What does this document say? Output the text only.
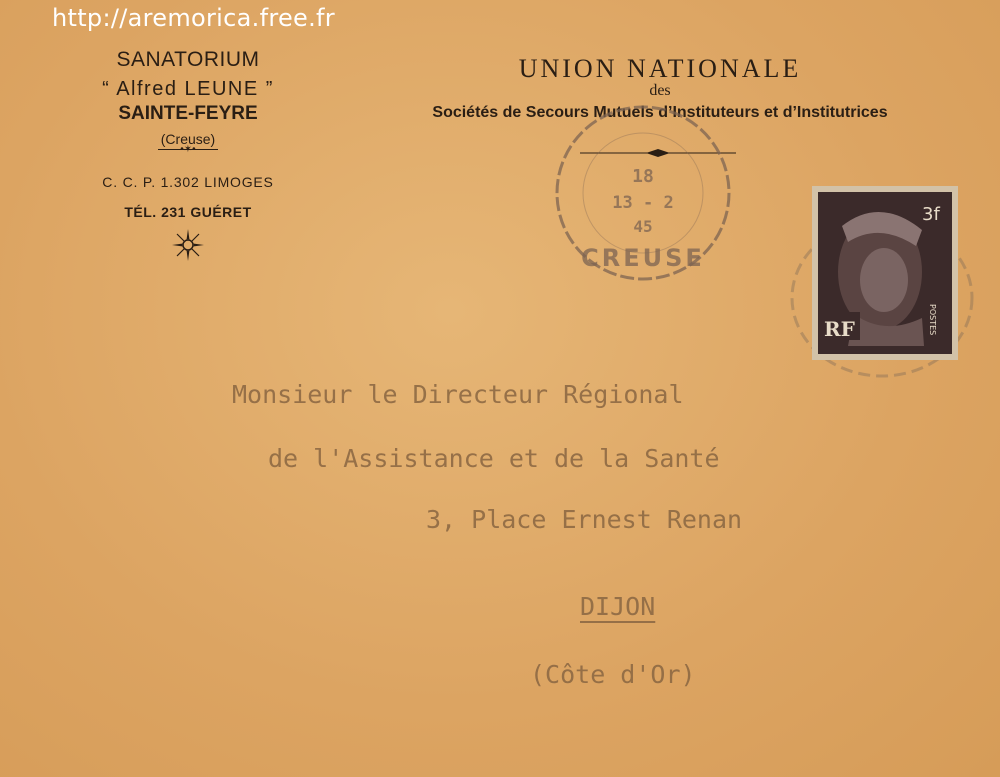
http://aremorica.free.fr
SANATORIUM
“ Alfred LEUNE ”
SAINTE-FEYRE
(Creuse)
•✶•
C. C. P. 1.302 LIMOGES
TÉL. 231 GUÉRET
UNION NATIONALE
des
Sociétés de Secours Mutuels d’Instituteurs et d’Institutrices
18
13 - 2
45
CREUSE
RF
3f
POSTES
Monsieur le Directeur Régional
de l'Assistance et de la Santé
3, Place Ernest Renan
DIJON
(Côte d'Or)
